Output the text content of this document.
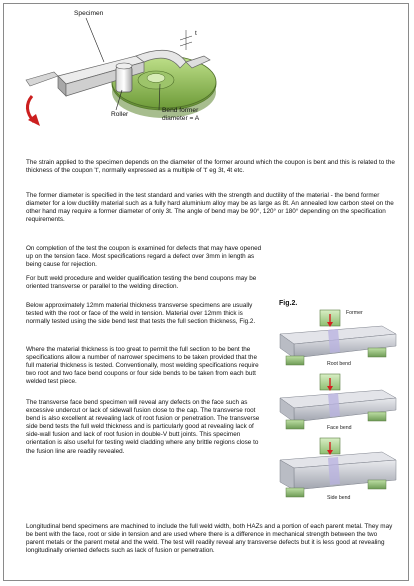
Specimen
t
Roller
Bend former
diameter = A

The strain applied to the specimen depends on the diameter of the former around which the coupon is bent and this is related to the thickness of the coupon 't', normally expressed as a multiple of 't' eg 3t, 4t etc.

The former diameter is specified in the test standard and varies with the strength and ductility of the material - the bend former diameter for a low ductility material such as a fully hard aluminium alloy may be as large as 8t. An annealed low carbon steel on the other hand may require a former diameter of only 3t. The angle of bend may be 90°, 120° or 180° depending on the specification requirements.

On completion of the test the coupon is examined for defects that may have opened up on the tension face. Most specifications regard a defect over 3mm in length as being cause for rejection.

For butt weld procedure and welder qualification testing the bend coupons may be oriented transverse or parallel to the welding direction.

Below approximately 12mm material thickness transverse specimens are usually tested with the root or face of the weld in tension. Material over 12mm thick is normally tested using the side bend test that tests the full section thickness, Fig.2.

Where the material thickness is too great to permit the full section to be bent the specifications allow a number of narrower specimens to be taken provided that the full material thickness is tested. Conventionally, most welding specifications require two root and two face bend coupons or four side bends to be taken from each butt welded test piece.

The transverse face bend specimen will reveal any defects on the face such as excessive undercut or lack of sidewall fusion close to the cap. The transverse root bend is also excellent at revealing lack of root fusion or penetration. The transverse side bend tests the full weld thickness and is particularly good at revealing lack of side-wall fusion and lack of root fusion in double-V butt joints. This specimen orientation is also useful for testing weld cladding where any brittle regions close to the fusion line are readily revealed.

Longitudinal bend specimens are machined to include the full weld width, both HAZs and a portion of each parent metal. They may be bent with the face, root or side in tension and are used where there is a difference in mechanical strength between the two parent metals or the parent metal and the weld. The test will readily reveal any transverse defects but it is less good at revealing longitudinally oriented defects such as lack of fusion or penetration.

Fig.2.
Former
Root bend
Face bend
Side bend
